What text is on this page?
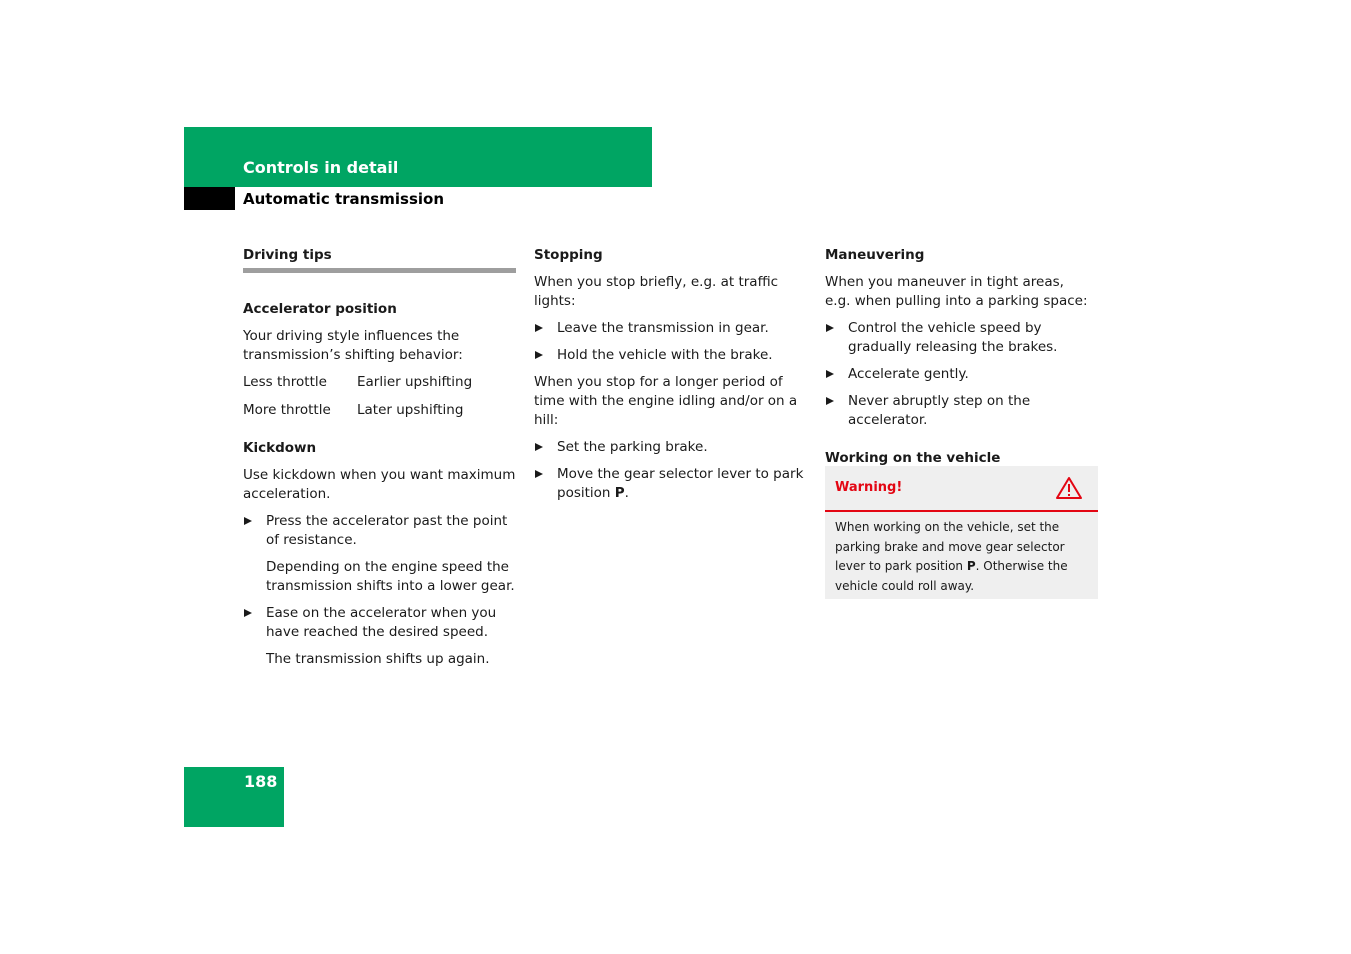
Controls in detail
Automatic transmission
Driving tips
Accelerator position

Your driving style influences the transmission’s shifting behavior:

Less throttle	Earlier upshifting
More throttle	Later upshifting
Kickdown

Use kickdown when you want maximum acceleration.

Press the accelerator past the point of resistance.
Depending on the engine speed the transmission shifts into a lower gear.
Ease on the accelerator when you have reached the desired speed.
The transmission shifts up again.
Stopping

When you stop briefly, e.g. at traffic lights:

Leave the transmission in gear.
Hold the vehicle with the brake.

When you stop for a longer period of time with the engine idling and/or on a hill:

Set the parking brake.
Move the gear selector lever to park position P.
Maneuvering

When you maneuver in tight areas,
e.g. when pulling into a parking space:

Control the vehicle speed by gradually releasing the brakes.
Accelerate gently.
Never abruptly step on the accelerator.
Working on the vehicle
Warning!
When working on the vehicle, set the parking brake and move gear selector lever to park position P. Otherwise the vehicle could roll away.
188
